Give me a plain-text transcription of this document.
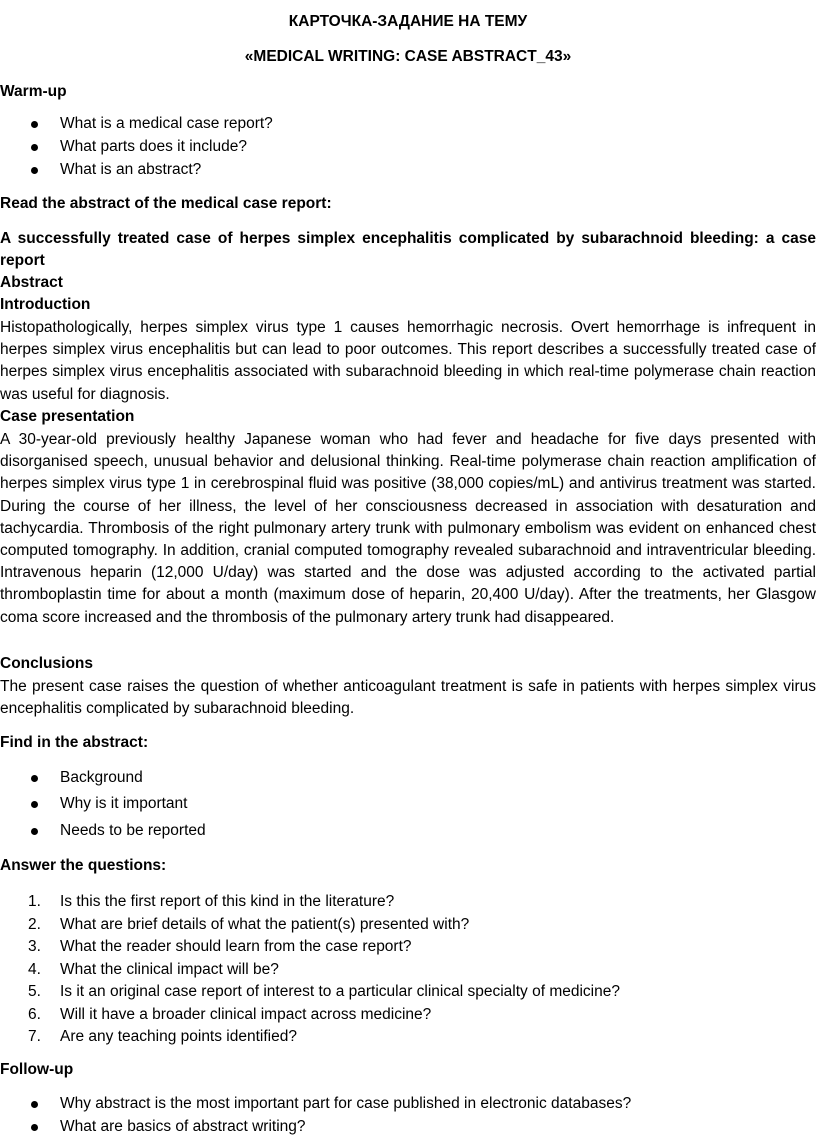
КАРТОЧКА-ЗАДАНИЕ НА ТЕМУ
«MEDICAL WRITING: CASE ABSTRACT_43»
Warm-up
What is a medical case report?
What parts does it include?
What is an abstract?
Read the abstract of the medical case report:
A successfully treated case of herpes simplex encephalitis complicated by subarachnoid bleeding: a case report
Abstract
Introduction
Histopathologically, herpes simplex virus type 1 causes hemorrhagic necrosis. Overt hemorrhage is infrequent in herpes simplex virus encephalitis but can lead to poor outcomes. This report describes a successfully treated case of herpes simplex virus encephalitis associated with subarachnoid bleeding in which real-time polymerase chain reaction was useful for diagnosis.
Case presentation
A 30-year-old previously healthy Japanese woman who had fever and headache for five days presented with disorganised speech, unusual behavior and delusional thinking. Real-time polymerase chain reaction amplification of herpes simplex virus type 1 in cerebrospinal fluid was positive (38,000 copies/mL) and antivirus treatment was started. During the course of her illness, the level of her consciousness decreased in association with desaturation and tachycardia. Thrombosis of the right pulmonary artery trunk with pulmonary embolism was evident on enhanced chest computed tomography. In addition, cranial computed tomography revealed subarachnoid and intraventricular bleeding. Intravenous heparin (12,000 U/day) was started and the dose was adjusted according to the activated partial thromboplastin time for about a month (maximum dose of heparin, 20,400 U/day). After the treatments, her Glasgow coma score increased and the thrombosis of the pulmonary artery trunk had disappeared.
Conclusions
The present case raises the question of whether anticoagulant treatment is safe in patients with herpes simplex virus encephalitis complicated by subarachnoid bleeding.
Find in the abstract:
Background
Why is it important
Needs to be reported
Answer the questions:
1. Is this the first report of this kind in the literature?
2. What are brief details of what the patient(s) presented with?
3. What the reader should learn from the case report?
4. What the clinical impact will be?
5. Is it an original case report of interest to a particular clinical specialty of medicine?
6. Will it have a broader clinical impact across medicine?
7. Are any teaching points identified?
Follow-up
Why abstract is the most important part for case published in electronic databases?
What are basics of abstract writing?
